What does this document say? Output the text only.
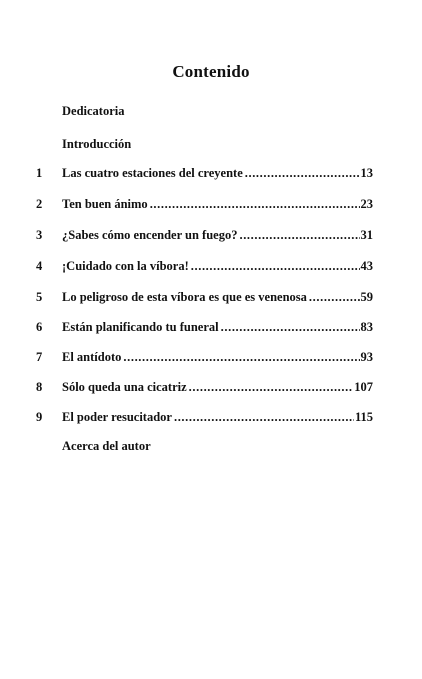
Contenido
Dedicatoria
Introducción
1	Las cuatro estaciones del creyente .....	13
2	Ten buen ánimo .....	23
3	¿Sabes cómo encender un fuego? .....	31
4	¡Cuidado con la víbora! .....	43
5	Lo peligroso de esta víbora es que es venenosa .....	59
6	Están planificando tu funeral .....	83
7	El antídoto .....	93
8	Sólo queda una cicatriz .....	107
9	El poder resucitador .....	115
Acerca del autor
